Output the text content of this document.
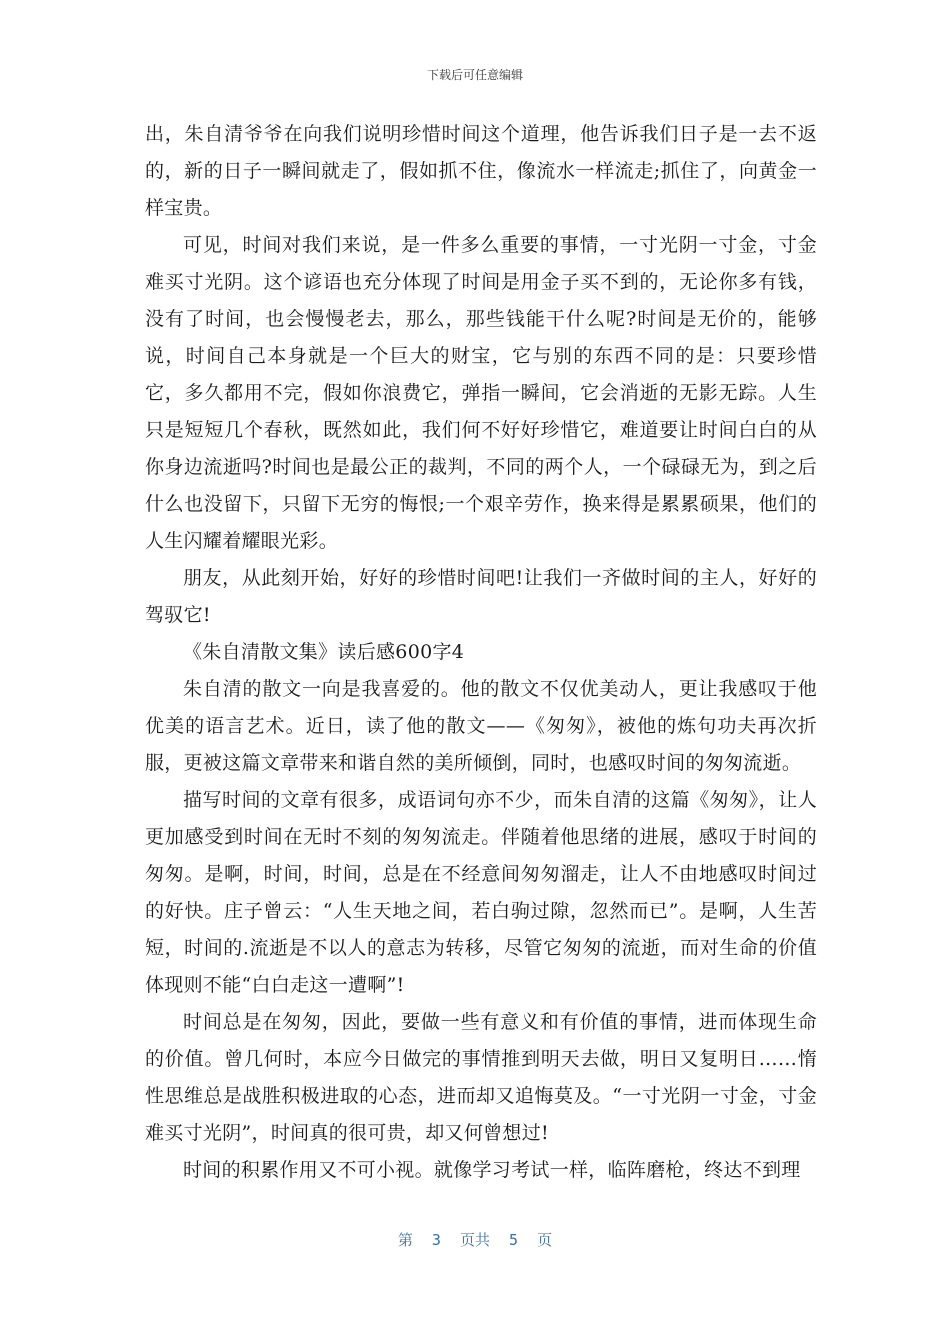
下载后可任意编辑

出，朱自清爷爷在向我们说明珍惜时间这个道理，他告诉我们日子是一去不返的，新的日子一瞬间就走了，假如抓不住，像流水一样流走;抓住了，向黄金一样宝贵。

可见，时间对我们来说，是一件多么重要的事情，一寸光阴一寸金，寸金难买寸光阴。这个谚语也充分体现了时间是用金子买不到的，无论你多有钱，没有了时间，也会慢慢老去，那么，那些钱能干什么呢?时间是无价的，能够说，时间自己本身就是一个巨大的财宝，它与别的东西不同的是：只要珍惜它，多久都用不完，假如你浪费它，弹指一瞬间，它会消逝的无影无踪。人生只是短短几个春秋，既然如此，我们何不好好珍惜它，难道要让时间白白的从你身边流逝吗?时间也是最公正的裁判，不同的两个人，一个碌碌无为，到之后什么也没留下，只留下无穷的悔恨;一个艰辛劳作，换来得是累累硕果，他们的人生闪耀着耀眼光彩。

朋友，从此刻开始，好好的珍惜时间吧!让我们一齐做时间的主人，好好的驾驭它!

《朱自清散文集》读后感600字4

朱自清的散文一向是我喜爱的。他的散文不仅优美动人，更让我感叹于他优美的语言艺术。近日，读了他的散文——《匆匆》，被他的炼句功夫再次折服，更被这篇文章带来和谐自然的美所倾倒，同时，也感叹时间的匆匆流逝。

描写时间的文章有很多，成语词句亦不少，而朱自清的这篇《匆匆》，让人更加感受到时间在无时不刻的匆匆流走。伴随着他思绪的进展，感叹于时间的匆匆。是啊，时间，时间，总是在不经意间匆匆溜走，让人不由地感叹时间过的好快。庄子曾云：“人生天地之间，若白驹过隙，忽然而已”。是啊，人生苦短，时间的.流逝是不以人的意志为转移，尽管它匆匆的流逝，而对生命的价值体现则不能“白白走这一遭啊”!

时间总是在匆匆，因此，要做一些有意义和有价值的事情，进而体现生命的价值。曾几何时，本应今日做完的事情推到明天去做，明日又复明日……惰性思维总是战胜积极进取的心态，进而却又追悔莫及。“一寸光阴一寸金，寸金难买寸光阴”，时间真的很可贵，却又何曾想过!

时间的积累作用又不可小视。就像学习考试一样，临阵磨枪，终达不到理

第 3 页共 5 页
